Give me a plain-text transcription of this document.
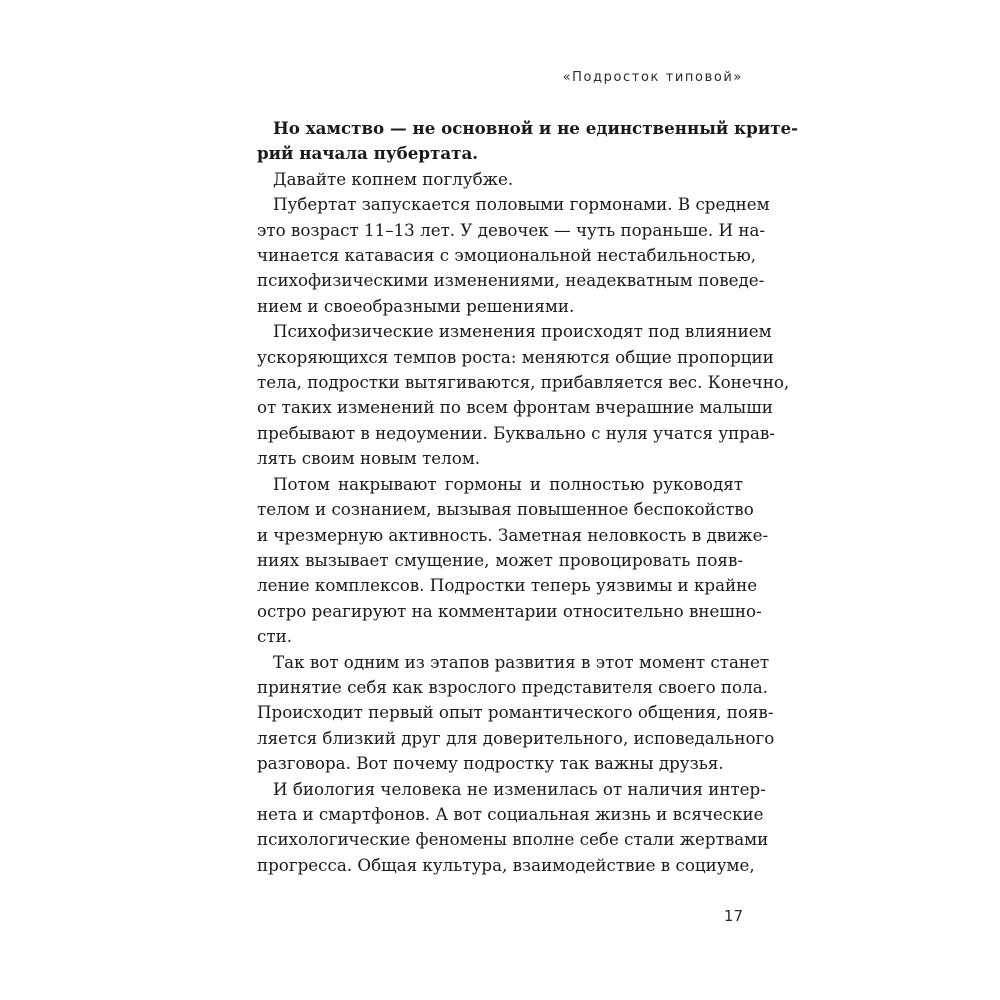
«Подросток типовой»
Но хамство — не основной и не единственный крите-
рий начала пубертата.
Давайте копнем поглубже.
Пубертат запускается половыми гормонами. В среднем
это возраст 11–13 лет. У девочек — чуть пораньше. И на-
чинается катавасия с эмоциональной нестабильностью,
психофизическими изменениями, неадекватным поведе-
нием и своеобразными решениями.
Психофизические изменения происходят под влиянием
ускоряющихся темпов роста: меняются общие пропорции
тела, подростки вытягиваются, прибавляется вес. Конечно,
от таких изменений по всем фронтам вчерашние малыши
пребывают в недоумении. Буквально с нуля учатся управ-
лять своим новым телом.
Потом накрывают гормоны и полностью руководят
телом и сознанием, вызывая повышенное беспокойство
и чрезмерную активность. Заметная неловкость в движе-
ниях вызывает смущение, может провоцировать появ-
ление комплексов. Подростки теперь уязвимы и крайне
остро реагируют на комментарии относительно внешно-
сти.
Так вот одним из этапов развития в этот момент станет
принятие себя как взрослого представителя своего пола.
Происходит первый опыт романтического общения, появ-
ляется близкий друг для доверительного, исповедального
разговора. Вот почему подростку так важны друзья.
И биология человека не изменилась от наличия интер-
нета и смартфонов. А вот социальная жизнь и всяческие
психологические феномены вполне себе стали жертвами
прогресса. Общая культура, взаимодействие в социуме,
17
